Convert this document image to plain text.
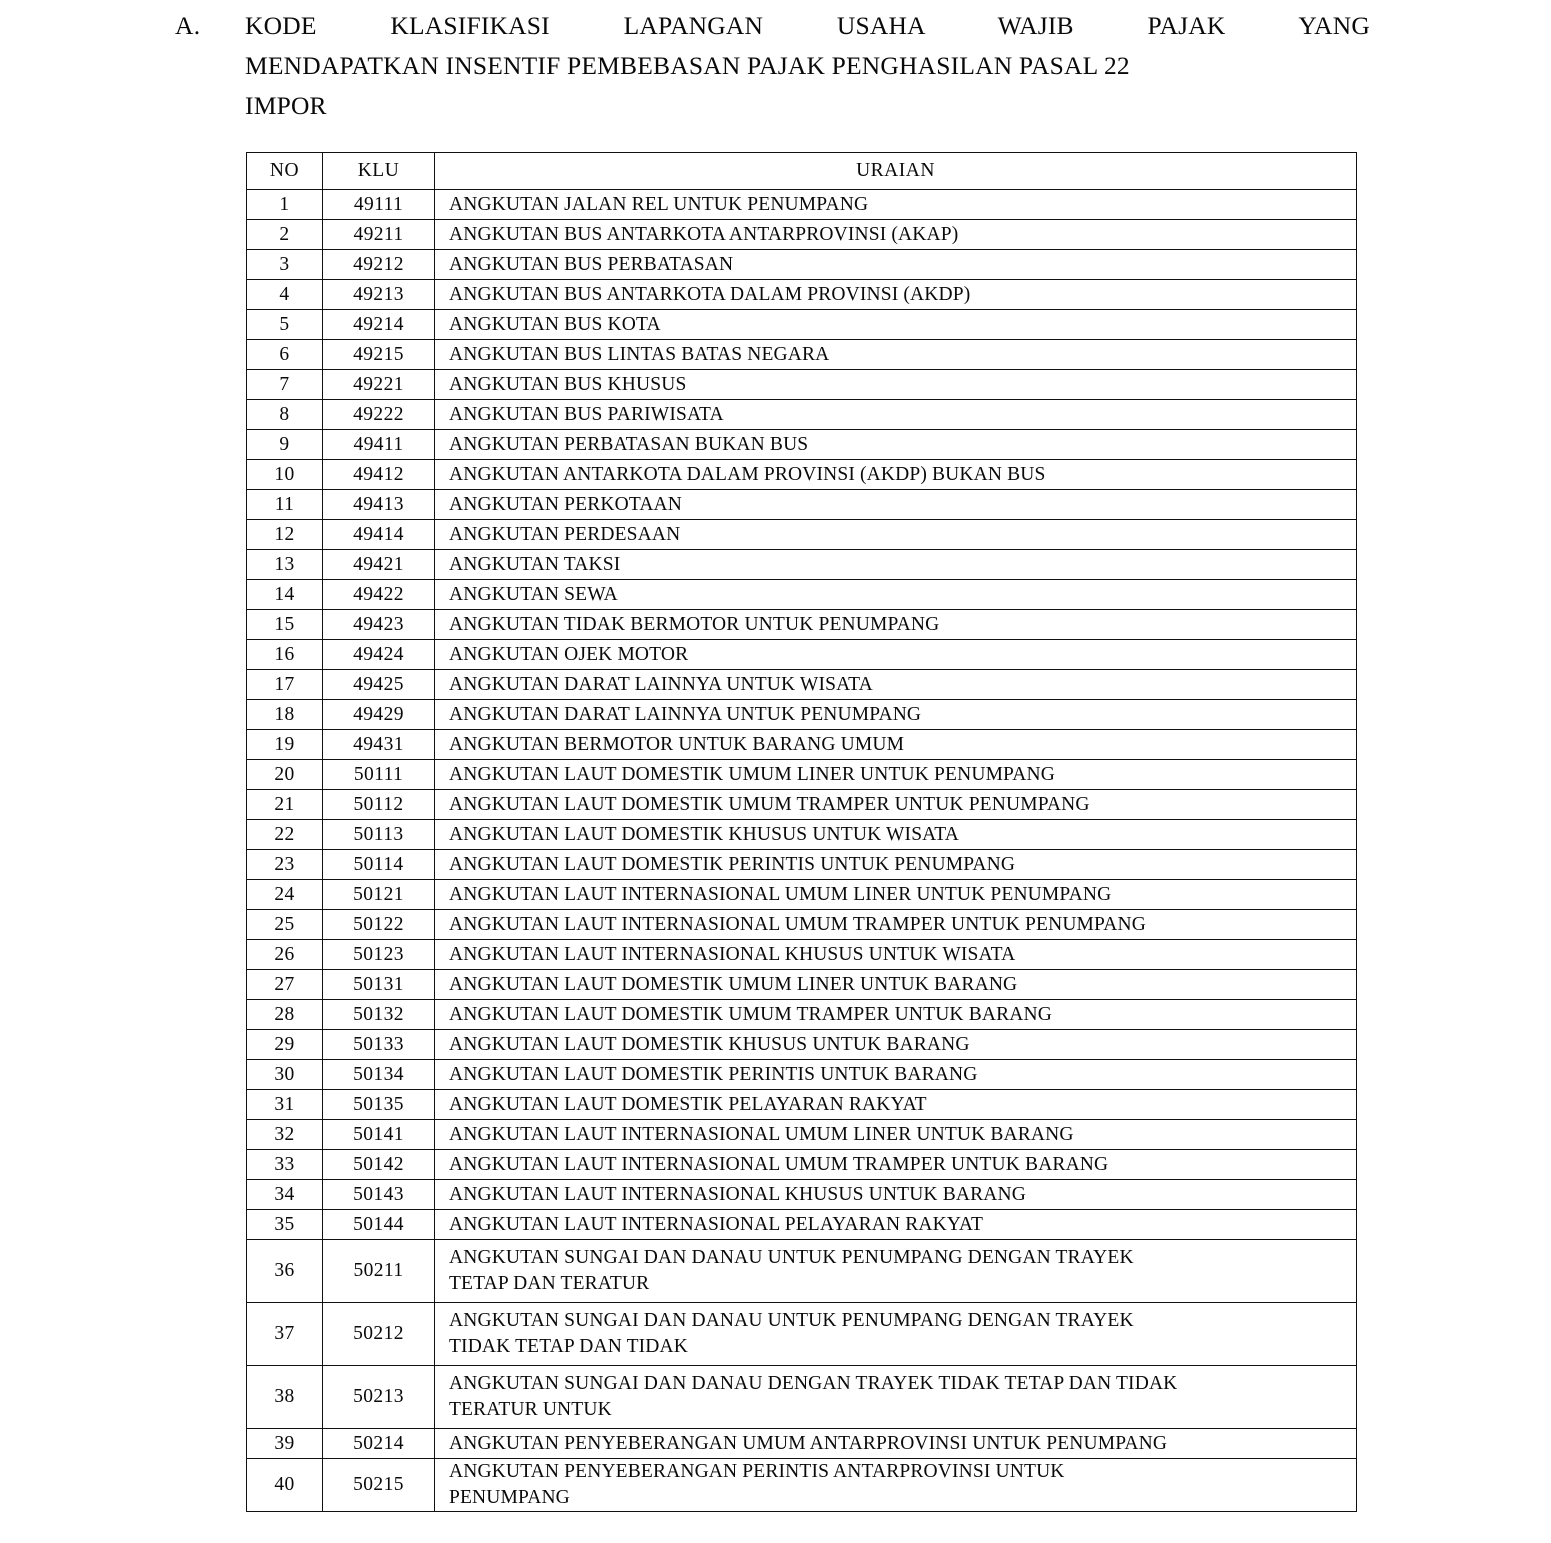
A.	KODE KLASIFIKASI LAPANGAN USAHA WAJIB PAJAK YANG
MENDAPATKAN INSENTIF PEMBEBASAN PAJAK PENGHASILAN PASAL 22
IMPOR
NO	KLU	URAIAN
1	49111	ANGKUTAN JALAN REL UNTUK PENUMPANG
2	49211	ANGKUTAN BUS ANTARKOTA ANTARPROVINSI (AKAP)
3	49212	ANGKUTAN BUS PERBATASAN
4	49213	ANGKUTAN BUS ANTARKOTA DALAM PROVINSI (AKDP)
5	49214	ANGKUTAN BUS KOTA
6	49215	ANGKUTAN BUS LINTAS BATAS NEGARA
7	49221	ANGKUTAN BUS KHUSUS
8	49222	ANGKUTAN BUS PARIWISATA
9	49411	ANGKUTAN PERBATASAN BUKAN BUS
10	49412	ANGKUTAN ANTARKOTA DALAM PROVINSI (AKDP) BUKAN BUS
11	49413	ANGKUTAN PERKOTAAN
12	49414	ANGKUTAN PERDESAAN
13	49421	ANGKUTAN TAKSI
14	49422	ANGKUTAN SEWA
15	49423	ANGKUTAN TIDAK BERMOTOR UNTUK PENUMPANG
16	49424	ANGKUTAN OJEK MOTOR
17	49425	ANGKUTAN DARAT LAINNYA UNTUK WISATA
18	49429	ANGKUTAN DARAT LAINNYA UNTUK PENUMPANG
19	49431	ANGKUTAN BERMOTOR UNTUK BARANG UMUM
20	50111	ANGKUTAN LAUT DOMESTIK UMUM LINER UNTUK PENUMPANG
21	50112	ANGKUTAN LAUT DOMESTIK UMUM TRAMPER UNTUK PENUMPANG
22	50113	ANGKUTAN LAUT DOMESTIK KHUSUS UNTUK WISATA
23	50114	ANGKUTAN LAUT DOMESTIK PERINTIS UNTUK PENUMPANG
24	50121	ANGKUTAN LAUT INTERNASIONAL UMUM LINER UNTUK PENUMPANG
25	50122	ANGKUTAN LAUT INTERNASIONAL UMUM TRAMPER UNTUK PENUMPANG
26	50123	ANGKUTAN LAUT INTERNASIONAL KHUSUS UNTUK WISATA
27	50131	ANGKUTAN LAUT DOMESTIK UMUM LINER UNTUK BARANG
28	50132	ANGKUTAN LAUT DOMESTIK UMUM TRAMPER UNTUK BARANG
29	50133	ANGKUTAN LAUT DOMESTIK KHUSUS UNTUK BARANG
30	50134	ANGKUTAN LAUT DOMESTIK PERINTIS UNTUK BARANG
31	50135	ANGKUTAN LAUT DOMESTIK PELAYARAN RAKYAT
32	50141	ANGKUTAN LAUT INTERNASIONAL UMUM LINER UNTUK BARANG
33	50142	ANGKUTAN LAUT INTERNASIONAL UMUM TRAMPER UNTUK BARANG
34	50143	ANGKUTAN LAUT INTERNASIONAL KHUSUS UNTUK BARANG
35	50144	ANGKUTAN LAUT INTERNASIONAL PELAYARAN RAKYAT
36	50211	ANGKUTAN SUNGAI DAN DANAU UNTUK PENUMPANG DENGAN TRAYEK
TETAP DAN TERATUR

37	50212	ANGKUTAN SUNGAI DAN DANAU UNTUK PENUMPANG DENGAN TRAYEK
TIDAK TETAP DAN TIDAK

38	50213	ANGKUTAN SUNGAI DAN DANAU DENGAN TRAYEK TIDAK TETAP DAN TIDAK
TERATUR UNTUK

39	50214	ANGKUTAN PENYEBERANGAN UMUM ANTARPROVINSI UNTUK PENUMPANG
40	50215	ANGKUTAN PENYEBERANGAN PERINTIS ANTARPROVINSI UNTUK
PENUMPANG
